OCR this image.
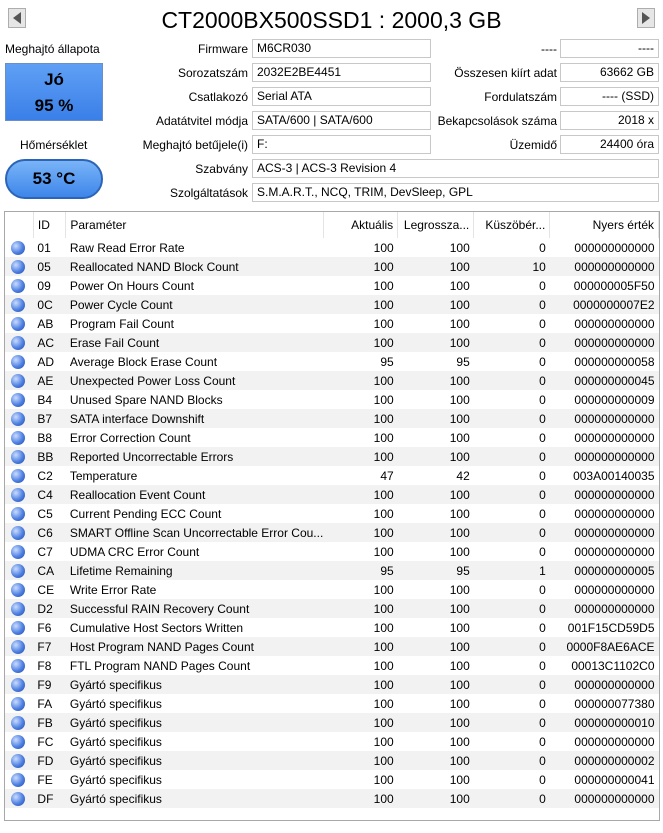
CT2000BX500SSD1 : 2000,3 GB
Meghajtó állapota
Jó
95 %
Hőmérséklet
53 °C
Firmware M6CR030
Sorozatszám 2032E2BE4451
Csatlakozó Serial ATA
Adatátvitel módja SATA/600 | SATA/600
Meghajtó betűjele(i) F:
Szabvány ACS-3 | ACS-3 Revision 4
Szolgáltatások S.M.A.R.T., NCQ, TRIM, DevSleep, GPL
----	----
Összesen kiírt adat	63662 GB
Fordulatszám	---- (SSD)
Bekapcsolások száma	2018 x
Üzemidő	24400 óra
	ID	Paraméter	Aktuális	Legrossza...	Küszöbér...	Nyers érték
	01	Raw Read Error Rate	100	100	0	000000000000
	05	Reallocated NAND Block Count	100	100	10	000000000000
	09	Power On Hours Count	100	100	0	000000005F50
	0C	Power Cycle Count	100	100	0	0000000007E2
	AB	Program Fail Count	100	100	0	000000000000
	AC	Erase Fail Count	100	100	0	000000000000
	AD	Average Block Erase Count	95	95	0	000000000058
	AE	Unexpected Power Loss Count	100	100	0	000000000045
	B4	Unused Spare NAND Blocks	100	100	0	000000000009
	B7	SATA interface Downshift	100	100	0	000000000000
	B8	Error Correction Count	100	100	0	000000000000
	BB	Reported Uncorrectable Errors	100	100	0	000000000000
	C2	Temperature	47	42	0	003A00140035
	C4	Reallocation Event Count	100	100	0	000000000000
	C5	Current Pending ECC Count	100	100	0	000000000000
	C6	SMART Offline Scan Uncorrectable Error Cou...	100	100	0	000000000000
	C7	UDMA CRC Error Count	100	100	0	000000000000
	CA	Lifetime Remaining	95	95	1	000000000005
	CE	Write Error Rate	100	100	0	000000000000
	D2	Successful RAIN Recovery Count	100	100	0	000000000000
	F6	Cumulative Host Sectors Written	100	100	0	001F15CD59D5
	F7	Host Program NAND Pages Count	100	100	0	0000F8AE6ACE
	F8	FTL Program NAND Pages Count	100	100	0	00013C1102C0
	F9	Gyártó specifikus	100	100	0	000000000000
	FA	Gyártó specifikus	100	100	0	000000077380
	FB	Gyártó specifikus	100	100	0	000000000010
	FC	Gyártó specifikus	100	100	0	000000000000
	FD	Gyártó specifikus	100	100	0	000000000002
	FE	Gyártó specifikus	100	100	0	000000000041
	DF	Gyártó specifikus	100	100	0	000000000000
